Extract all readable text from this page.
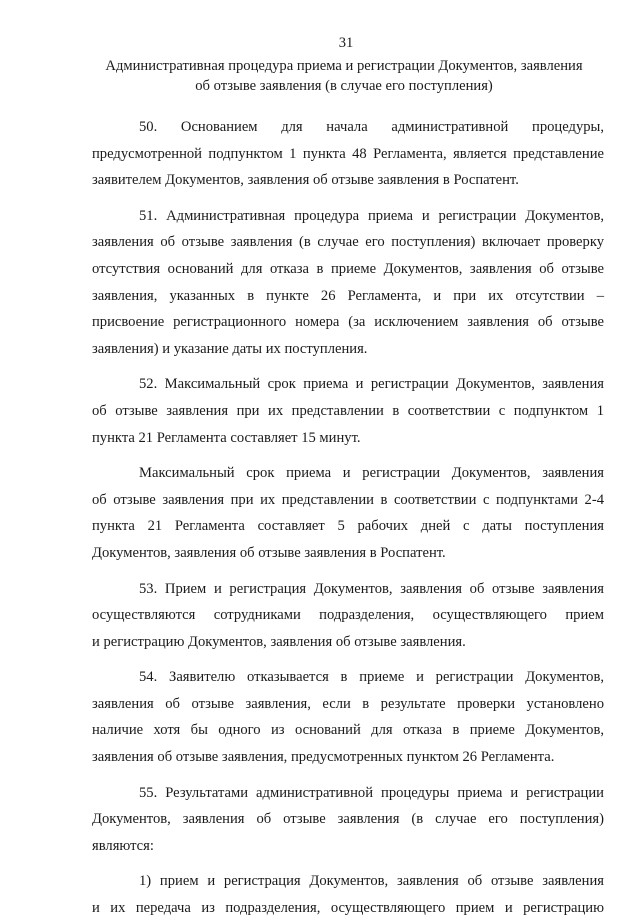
31
Административная процедура приема и регистрации Документов, заявления
об отзыве заявления (в случае его поступления)
50. Основанием для начала административной процедуры,
предусмотренной подпунктом 1 пункта 48 Регламента, является представление
заявителем Документов, заявления об отзыве заявления в Роспатент.
51. Административная процедура приема и регистрации Документов,
заявления об отзыве заявления (в случае его поступления) включает проверку
отсутствия оснований для отказа в приеме Документов, заявления об отзыве
заявления, указанных в пункте 26 Регламента, и при их отсутствии –
присвоение регистрационного номера (за исключением заявления об отзыве
заявления) и указание даты их поступления.
52. Максимальный срок приема и регистрации Документов, заявления
об отзыве заявления при их представлении в соответствии с подпунктом 1
пункта 21 Регламента составляет 15 минут.
Максимальный срок приема и регистрации Документов, заявления
об отзыве заявления при их представлении в соответствии с подпунктами 2-4
пункта 21 Регламента составляет 5 рабочих дней с даты поступления
Документов, заявления об отзыве заявления в Роспатент.
53. Прием и регистрация Документов, заявления об отзыве заявления
осуществляются сотрудниками подразделения, осуществляющего прием
и регистрацию Документов, заявления об отзыве заявления.
54. Заявителю отказывается в приеме и регистрации Документов,
заявления об отзыве заявления, если в результате проверки установлено
наличие хотя бы одного из оснований для отказа в приеме Документов,
заявления об отзыве заявления, предусмотренных пунктом 26 Регламента.
55. Результатами административной процедуры приема и регистрации
Документов, заявления об отзыве заявления (в случае его поступления)
являются:
1) прием и регистрация Документов, заявления об отзыве заявления
и их передача из подразделения, осуществляющего прием и регистрацию
